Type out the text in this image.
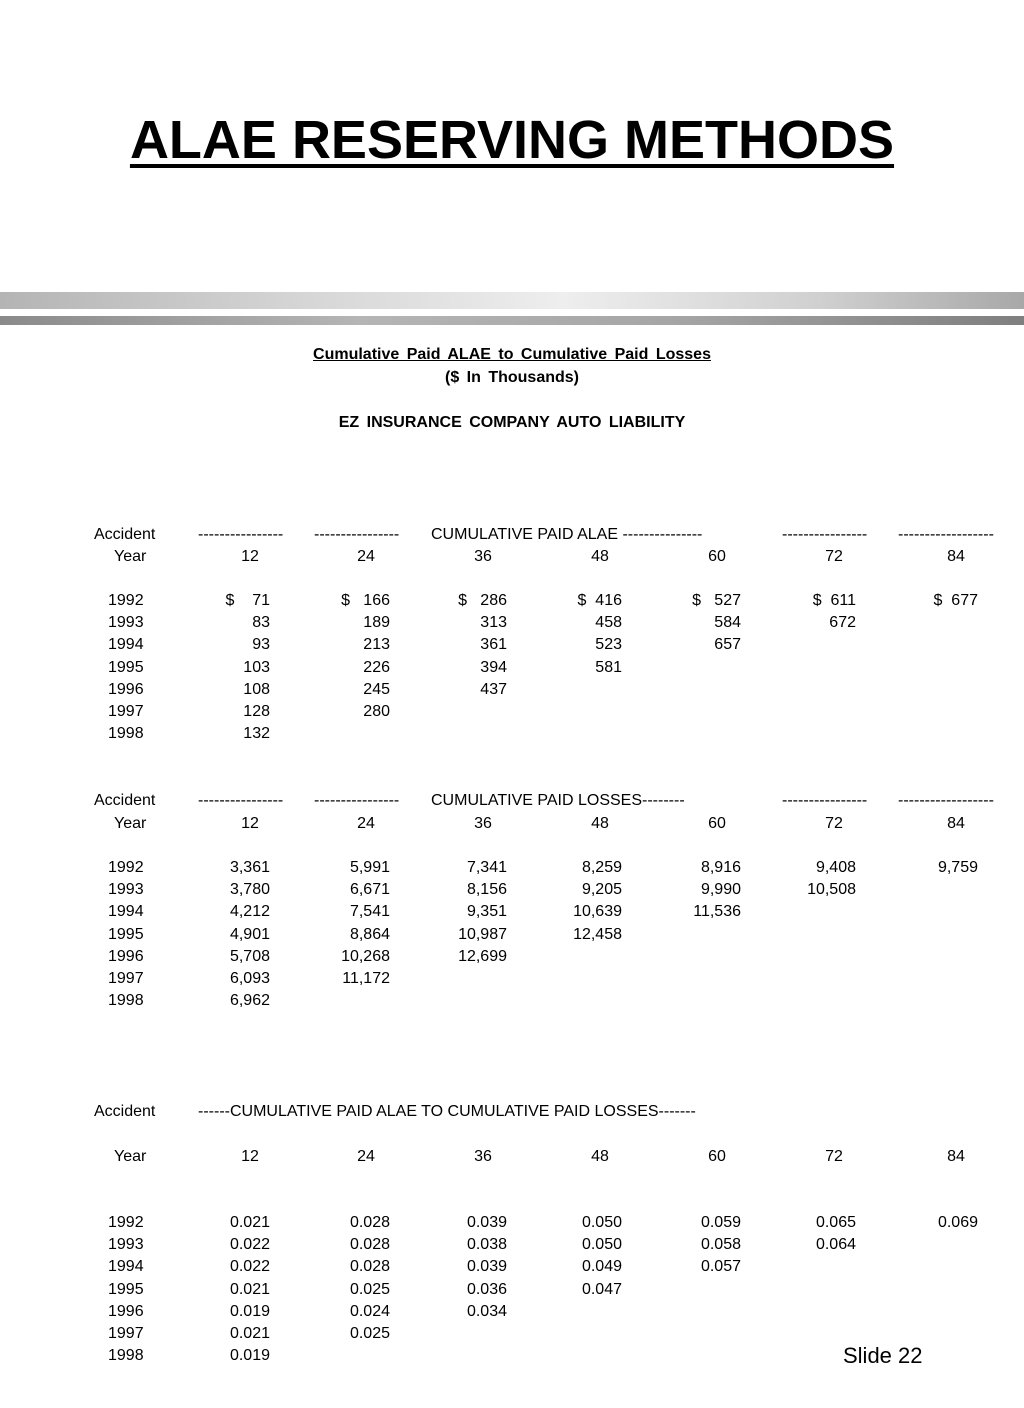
ALAE RESERVING METHODS
Cumulative Paid ALAE to Cumulative Paid Losses
($ In Thousands)
EZ INSURANCE COMPANY AUTO LIABILITY
Accident	---------------- ---------------- CUMULATIVE PAID ALAE ---------------	---------------- ------------------
Year	12	24	36	48	60	72	84
1992	$    71	$   166	$   286	$  416	$   527	$  611	$  677
1993	83	189	313	458	584	672
1994	93	213	361	523	657
1995	103	226	394	581
1996	108	245	437
1997	128	280
1998	132
Accident	---------------- ---------------- CUMULATIVE PAID LOSSES--------	---------------- ------------------
Year	12	24	36	48	60	72	84
1992	3,361	5,991	7,341	8,259	8,916	9,408	9,759
1993	3,780	6,671	8,156	9,205	9,990	10,508
1994	4,212	7,541	9,351	10,639	11,536
1995	4,901	8,864	10,987	12,458
1996	5,708	10,268	12,699
1997	6,093	11,172
1998	6,962
Accident	------CUMULATIVE PAID ALAE TO CUMULATIVE PAID LOSSES-------
Year	12	24	36	48	60	72	84
1992	0.021	0.028	0.039	0.050	0.059	0.065	0.069
1993	0.022	0.028	0.038	0.050	0.058	0.064
1994	0.022	0.028	0.039	0.049	0.057
1995	0.021	0.025	0.036	0.047
1996	0.019	0.024	0.034
1997	0.021	0.025
1998	0.019	Slide 22
